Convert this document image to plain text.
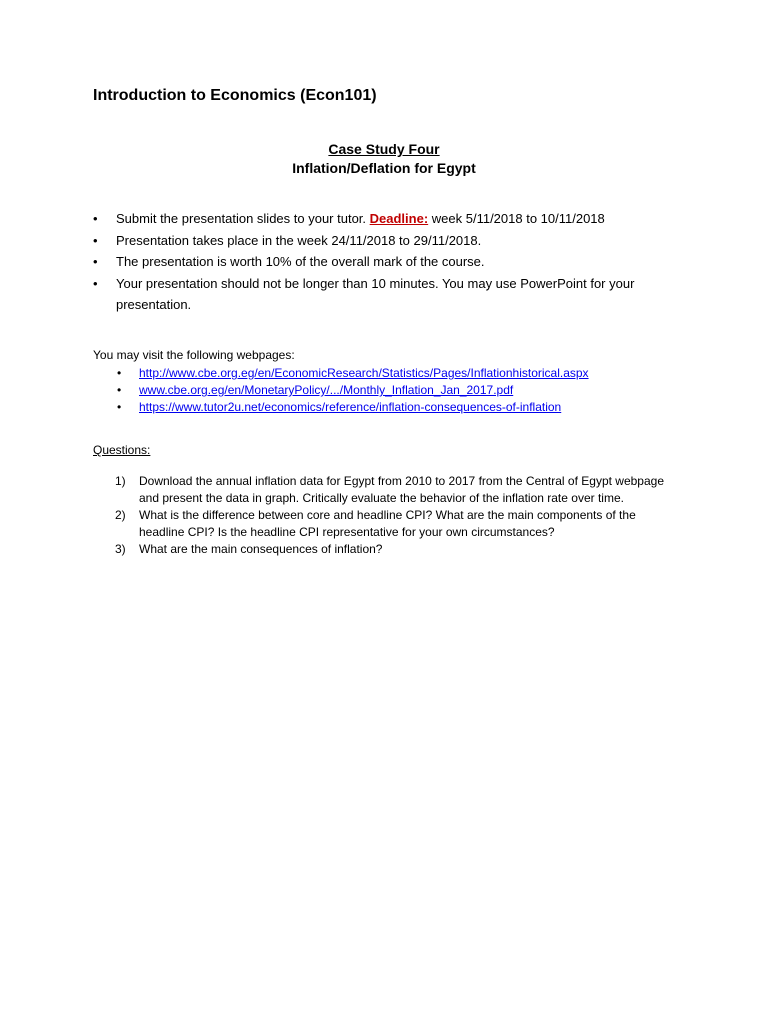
Introduction to Economics (Econ101)
Case Study Four
Inflation/Deflation for Egypt
• Submit the presentation slides to your tutor. Deadline: week 5/11/2018 to 10/11/2018
• Presentation takes place in the week 24/11/2018 to 29/11/2018.
• The presentation is worth 10% of the overall mark of the course.
• Your presentation should not be longer than 10 minutes. You may use PowerPoint for your presentation.
You may visit the following webpages:
• http://www.cbe.org.eg/en/EconomicResearch/Statistics/Pages/Inflationhistorical.aspx
• www.cbe.org.eg/en/MonetaryPolicy/.../Monthly_Inflation_Jan_2017.pdf
• https://www.tutor2u.net/economics/reference/inflation-consequences-of-inflation
Questions:
1) Download the annual inflation data for Egypt from 2010 to 2017 from the Central of Egypt webpage and present the data in graph. Critically evaluate the behavior of the inflation rate over time.
2) What is the difference between core and headline CPI? What are the main components of the headline CPI? Is the headline CPI representative for your own circumstances?
3) What are the main consequences of inflation?
